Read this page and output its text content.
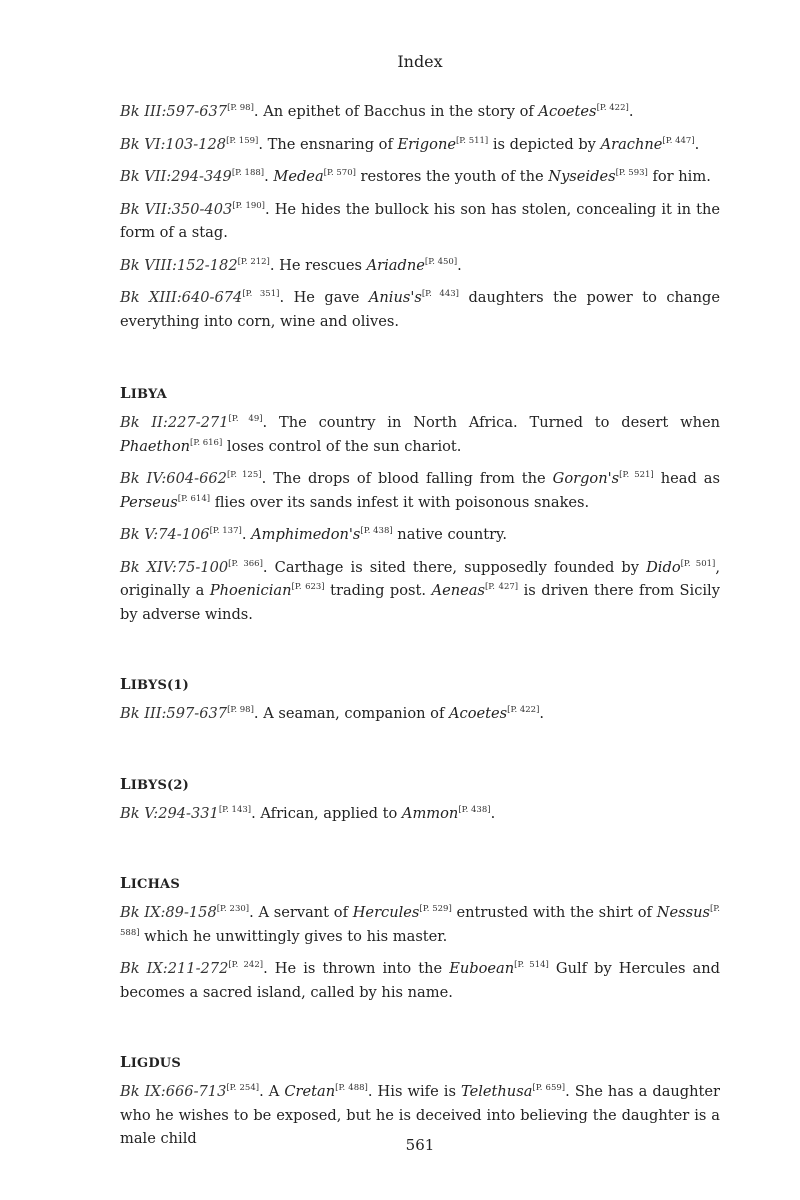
Index

Bk III:597-637[P. 98]. An epithet of Bacchus in the story of Acoetes[P. 422].

Bk VI:103-128[P. 159]. The ensnaring of Erigone[P. 511] is depicted by Arachne[P. 447].

Bk VII:294-349[P. 188]. Medea[P. 570] restores the youth of the Nyseides[P. 593] for him.

Bk VII:350-403[P. 190]. He hides the bullock his son has stolen, concealing it in the form of a stag.

Bk VIII:152-182[P. 212]. He rescues Ariadne[P. 450].

Bk XIII:640-674[P. 351]. He gave Anius's[P. 443] daughters the power to change everything into corn, wine and olives.

LIBYA

Bk II:227-271[P. 49]. The country in North Africa. Turned to desert when Phaethon[P. 616] loses control of the sun chariot.

Bk IV:604-662[P. 125]. The drops of blood falling from the Gorgon's[P. 521] head as Perseus[P. 614] flies over its sands infest it with poisonous snakes.

Bk V:74-106[P. 137]. Amphimedon's[P. 438] native country.

Bk XIV:75-100[P. 366]. Carthage is sited there, supposedly founded by Dido[P. 501], originally a Phoenician[P. 623] trading post. Aeneas[P. 427] is driven there from Sicily by adverse winds.

LIBYS(1)

Bk III:597-637[P. 98]. A seaman, companion of Acoetes[P. 422].

LIBYS(2)

Bk V:294-331[P. 143]. African, applied to Ammon[P. 438].

LICHAS

Bk IX:89-158[P. 230]. A servant of Hercules[P. 529] entrusted with the shirt of Nessus[P. 588] which he unwittingly gives to his master.

Bk IX:211-272[P. 242]. He is thrown into the Euboean[P. 514] Gulf by Hercules and becomes a sacred island, called by his name.

LIGDUS

Bk IX:666-713[P. 254]. A Cretan[P. 488]. His wife is Telethusa[P. 659]. She has a daughter who he wishes to be exposed, but he is deceived into believing the daughter is a male child	561
